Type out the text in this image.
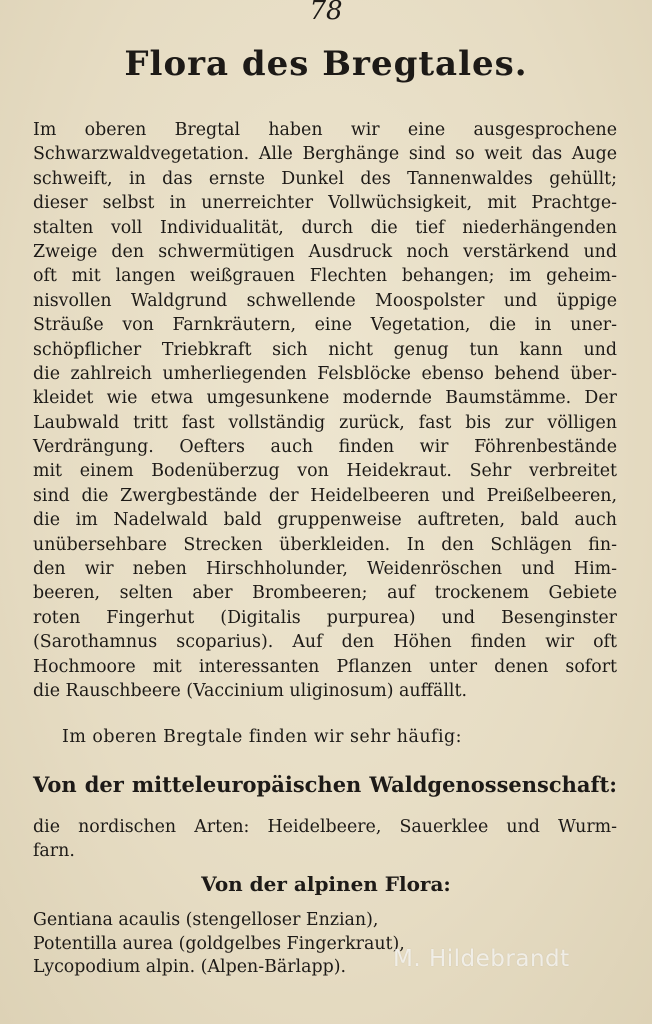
78
Flora des Bregtales.
Im oberen Bregtal haben wir eine ausgesprochene
Schwarzwaldvegetation. Alle Berghänge sind so weit das Auge
schweift, in das ernste Dunkel des Tannenwaldes gehüllt;
dieser selbst in unerreichter Vollwüchsigkeit, mit Prachtge-
stalten voll Individualität, durch die tief niederhängenden
Zweige den schwermütigen Ausdruck noch verstärkend und
oft mit langen weißgrauen Flechten behangen; im geheim-
nisvollen Waldgrund schwellende Moospolster und üppige
Sträuße von Farnkräutern, eine Vegetation, die in uner-
schöpflicher Triebkraft sich nicht genug tun kann und
die zahlreich umherliegenden Felsblöcke ebenso behend über-
kleidet wie etwa umgesunkene modernde Baumstämme. Der
Laubwald tritt fast vollständig zurück, fast bis zur völligen
Verdrängung. Oefters auch finden wir Föhrenbestände
mit einem Bodenüberzug von Heidekraut. Sehr verbreitet
sind die Zwergbestände der Heidelbeeren und Preißelbeeren,
die im Nadelwald bald gruppenweise auftreten, bald auch
unübersehbare Strecken überkleiden. In den Schlägen fin-
den wir neben Hirschholunder, Weidenröschen und Him-
beeren, selten aber Brombeeren; auf trockenem Gebiete
roten Fingerhut (Digitalis purpurea) und Besenginster
(Sarothamnus scoparius). Auf den Höhen finden wir oft
Hochmoore mit interessanten Pflanzen unter denen sofort
die Rauschbeere (Vaccinium uliginosum) auffällt.

Im oberen Bregtale finden wir sehr häufig:

Von der mitteleuropäischen Waldgenossenschaft:
die nordischen Arten: Heidelbeere, Sauerklee und Wurm-
farn.
Von der alpinen Flora:
Gentiana acaulis (stengelloser Enzian),
Potentilla aurea (goldgelbes Fingerkraut),
Lycopodium alpin. (Alpen-Bärlapp).	M. Hildebrandt
